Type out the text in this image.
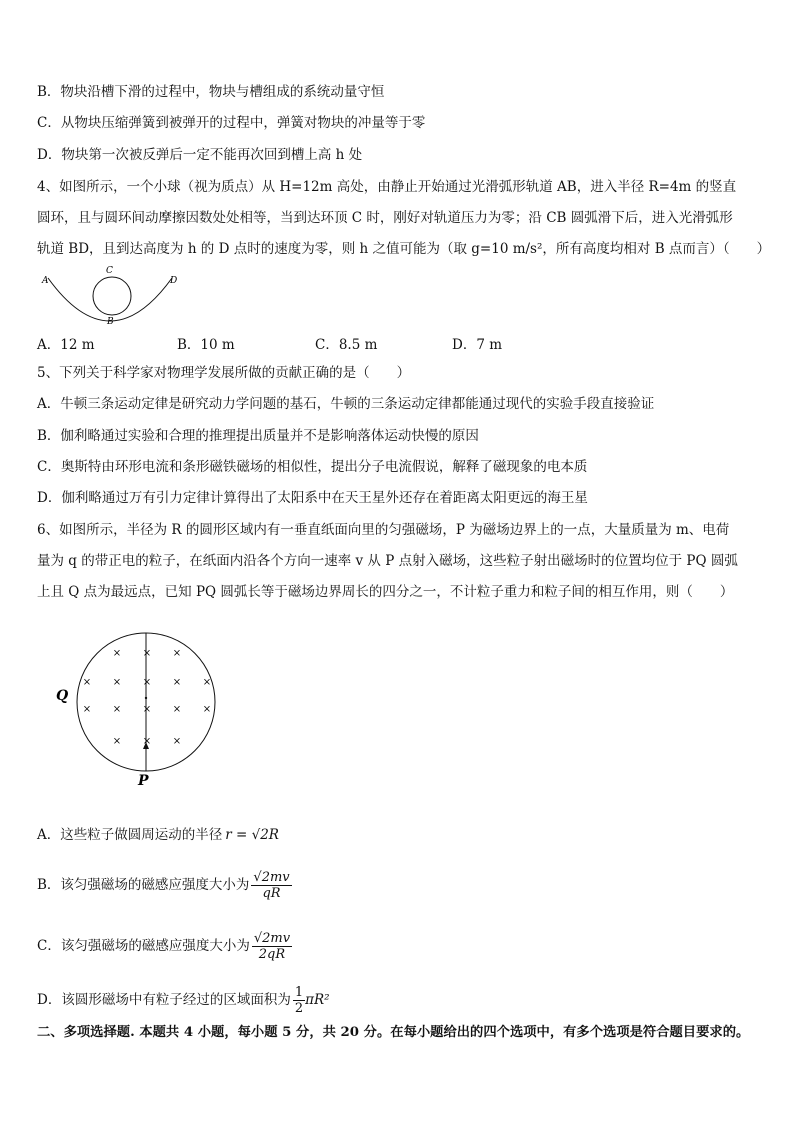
B．物块沿槽下滑的过程中，物块与槽组成的系统动量守恒
C．从物块压缩弹簧到被弹开的过程中，弹簧对物块的冲量等于零
D．物块第一次被反弹后一定不能再次回到槽上高 h 处
4、如图所示，一个小球（视为质点）从 H=12m 高处，由静止开始通过光滑弧形轨道 AB，进入半径 R=4m 的竖直
圆环，且与圆环间动摩擦因数处处相等，当到达环顶 C 时，刚好对轨道压力为零；沿 CB 圆弧滑下后，进入光滑弧形
轨道 BD，且到达高度为 h 的 D 点时的速度为零，则 h 之值可能为（取 g=10 m/s²，所有高度均相对 B 点而言）（　　）
A
C
D
B
A．12 m	B．10 m	C．8.5 m	D．7 m
5、下列关于科学家对物理学发展所做的贡献正确的是（　　）
A．牛顿三条运动定律是研究动力学问题的基石，牛顿的三条运动定律都能通过现代的实验手段直接验证
B．伽利略通过实验和合理的推理提出质量并不是影响落体运动快慢的原因
C．奥斯特由环形电流和条形磁铁磁场的相似性，提出分子电流假说，解释了磁现象的电本质
D．伽利略通过万有引力定律计算得出了太阳系中在天王星外还存在着距离太阳更远的海王星
6、如图所示，半径为 R 的圆形区域内有一垂直纸面向里的匀强磁场，P 为磁场边界上的一点，大量质量为 m、电荷
量为 q 的带正电的粒子，在纸面内沿各个方向一速率 v 从 P 点射入磁场，这些粒子射出磁场时的位置均位于 PQ 圆弧
上且 Q 点为最远点，已知 PQ 圆弧长等于磁场边界周长的四分之一，不计粒子重力和粒子间的相互作用，则（　　）
× × ×
× × × × ×
× × × × ×
× × ×
Q
P
A．这些粒子做圆周运动的半径 r = √2R
B．该匀强磁场的磁感应强度大小为 $\frac{√2mv}{qR}$
C．该匀强磁场的磁感应强度大小为 $\frac{√2mv}{2qR}$
D．该圆形磁场中有粒子经过的区域面积为 $\frac{1}{2} \pi R^2$
二、多项选择题. 本题共 4 小题，每小题 5 分，共 20 分。在每小题给出的四个选项中，有多个选项是符合题目要求的。
